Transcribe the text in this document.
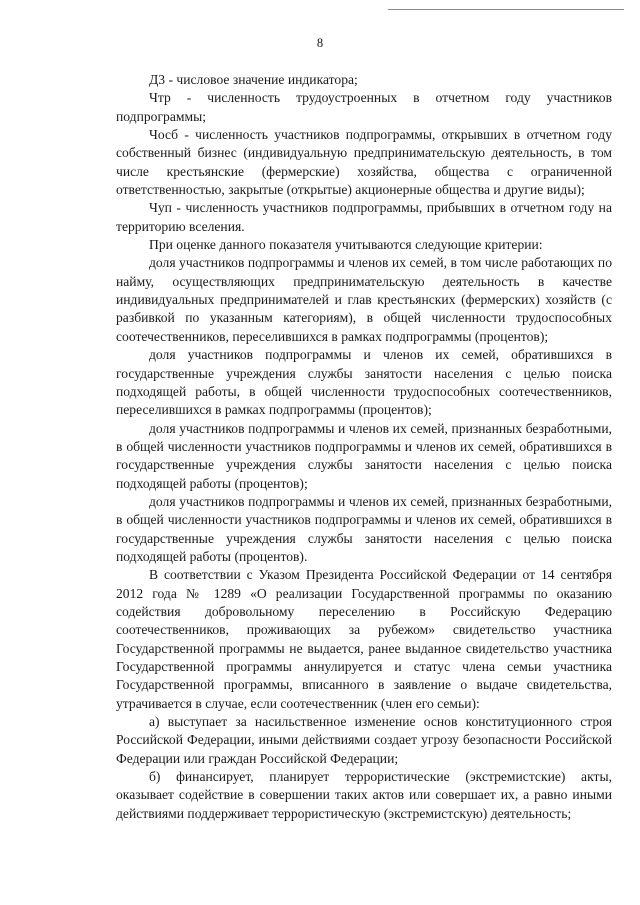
8

Д3 - числовое значение индикатора;

Чтр - численность трудоустроенных в отчетном году участников подпрограммы;

Чосб - численность участников подпрограммы, открывших в отчетном году собственный бизнес (индивидуальную предпринимательскую деятельность, в том числе крестьянские (фермерские) хозяйства, общества с ограниченной ответственностью, закрытые (открытые) акционерные общества и другие виды);

Чуп - численность участников подпрограммы, прибывших в отчетном году на территорию вселения.

При оценке данного показателя учитываются следующие критерии:

доля участников подпрограммы и членов их семей, в том числе работающих по найму, осуществляющих предпринимательскую деятельность в качестве индивидуальных предпринимателей и глав крестьянских (фермерских) хозяйств (с разбивкой по указанным категориям), в общей численности трудоспособных соотечественников, переселившихся в рамках подпрограммы (процентов);

доля участников подпрограммы и членов их семей, обратившихся в государственные учреждения службы занятости населения с целью поиска подходящей работы, в общей численности трудоспособных соотечественников, переселившихся в рамках подпрограммы (процентов);

доля участников подпрограммы и членов их семей, признанных безработными, в общей численности участников подпрограммы и членов их семей, обратившихся в государственные учреждения службы занятости населения с целью поиска подходящей работы (процентов);

доля участников подпрограммы и членов их семей, признанных безработными, в общей численности участников подпрограммы и членов их семей, обратившихся в государственные учреждения службы занятости населения с целью поиска подходящей работы (процентов).

В соответствии с Указом Президента Российской Федерации от 14 сентября 2012 года № 1289 «О реализации Государственной программы по оказанию содействия добровольному переселению в Российскую Федерацию соотечественников, проживающих за рубежом» свидетельство участника Государственной программы не выдается, ранее выданное свидетельство участника Государственной программы аннулируется и статус члена семьи участника Государственной программы, вписанного в заявление о выдаче свидетельства, утрачивается в случае, если соотечественник (член его семьи):

а) выступает за насильственное изменение основ конституционного строя Российской Федерации, иными действиями создает угрозу безопасности Российской Федерации или граждан Российской Федерации;

б) финансирует, планирует террористические (экстремистские) акты, оказывает содействие в совершении таких актов или совершает их, а равно иными действиями поддерживает террористическую (экстремистскую) деятельность;
